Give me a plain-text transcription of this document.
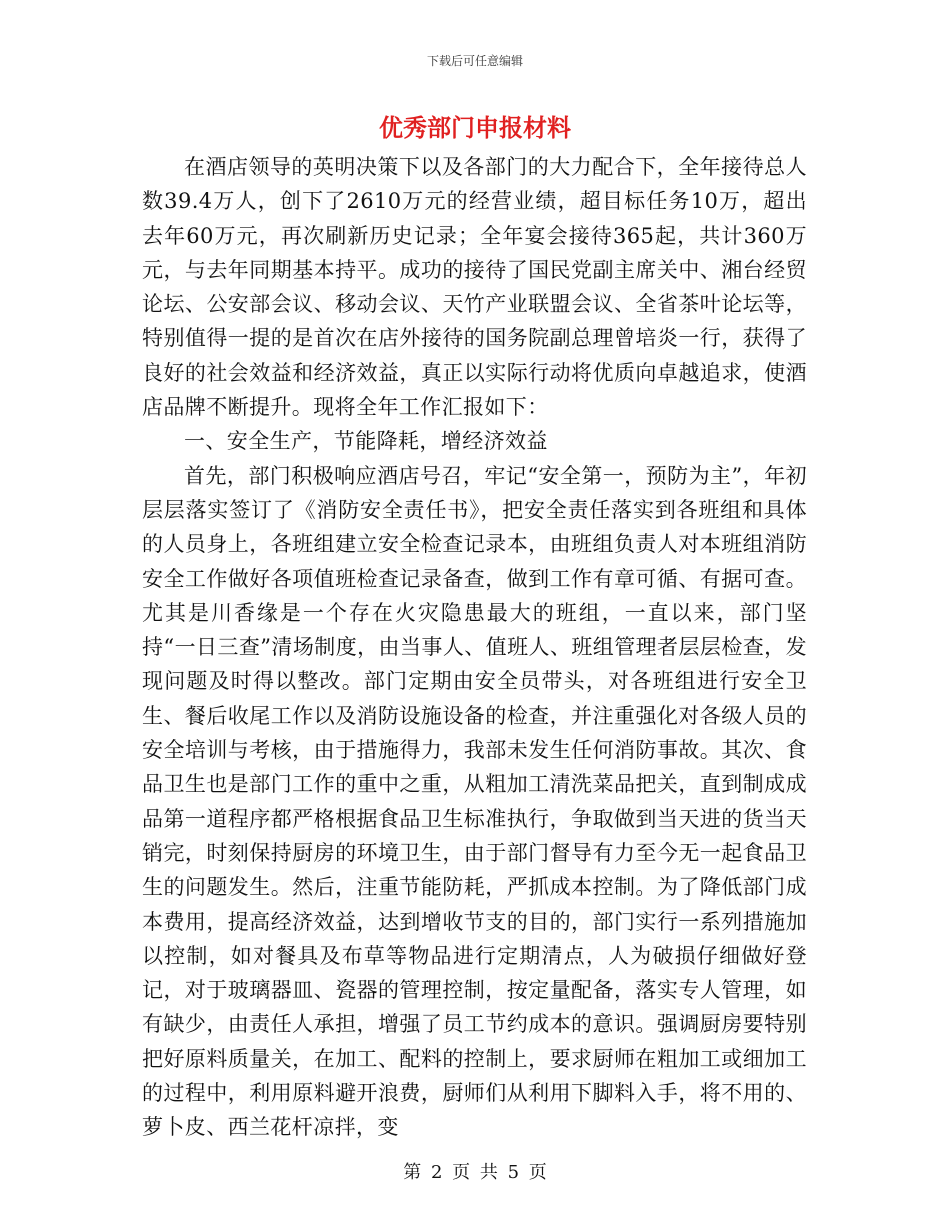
下载后可任意编辑
优秀部门申报材料

在酒店领导的英明决策下以及各部门的大力配合下，全年接待总人数39.4万人，创下了2610万元的经营业绩，超目标任务10万，超出去年60万元，再次刷新历史记录；全年宴会接待365起，共计360万元，与去年同期基本持平。成功的接待了国民党副主席关中、湘台经贸论坛、公安部会议、移动会议、天竹产业联盟会议、全省茶叶论坛等，特别值得一提的是首次在店外接待的国务院副总理曾培炎一行，获得了良好的社会效益和经济效益，真正以实际行动将优质向卓越追求，使酒店品牌不断提升。现将全年工作汇报如下：

一、安全生产，节能降耗，增经济效益

首先，部门积极响应酒店号召，牢记“安全第一，预防为主”，年初层层落实签订了《消防安全责任书》，把安全责任落实到各班组和具体的人员身上，各班组建立安全检查记录本，由班组负责人对本班组消防安全工作做好各项值班检查记录备查，做到工作有章可循、有据可查。尤其是川香缘是一个存在火灾隐患最大的班组，一直以来，部门坚持“一日三查”清场制度，由当事人、值班人、班组管理者层层检查，发现问题及时得以整改。部门定期由安全员带头，对各班组进行安全卫生、餐后收尾工作以及消防设施设备的检查，并注重强化对各级人员的安全培训与考核，由于措施得力，我部未发生任何消防事故。其次、食品卫生也是部门工作的重中之重，从粗加工清洗菜品把关，直到制成成品第一道程序都严格根据食品卫生标准执行，争取做到当天进的货当天销完，时刻保持厨房的环境卫生，由于部门督导有力至今无一起食品卫生的问题发生。然后，注重节能防耗，严抓成本控制。为了降低部门成本费用，提高经济效益，达到增收节支的目的，部门实行一系列措施加以控制，如对餐具及布草等物品进行定期清点，人为破损仔细做好登记，对于玻璃器皿、瓷器的管理控制，按定量配备，落实专人管理，如有缺少，由责任人承担，增强了员工节约成本的意识。强调厨房要特别把好原料质量关，在加工、配料的控制上，要求厨师在粗加工或细加工的过程中，利用原料避开浪费，厨师们从利用下脚料入手，将不用的、萝卜皮、西兰花杆凉拌，变

第 2 页 共 5 页
